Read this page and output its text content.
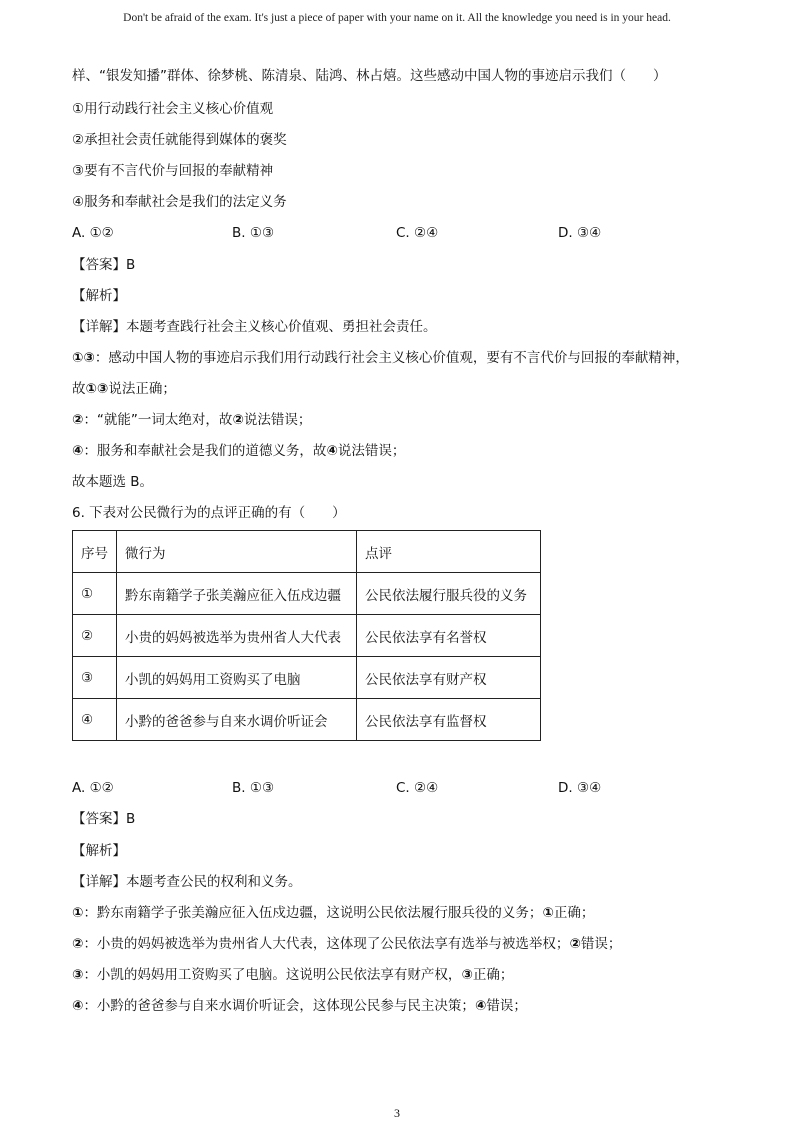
Don't be afraid of the exam. It's just a piece of paper with your name on it. All the knowledge you need is in your head.
样、“银发知播”群体、徐梦桃、陈清泉、陆鸿、林占熺。这些感动中国人物的事迹启示我们（　　）
①用行动践行社会主义核心价值观
②承担社会责任就能得到媒体的褒奖
③要有不言代价与回报的奉献精神
④服务和奉献社会是我们的法定义务
A. ①②	B. ①③	C. ②④	D. ③④
【答案】B
【解析】
【详解】本题考查践行社会主义核心价值观、勇担社会责任。
①③：感动中国人物的事迹启示我们用行动践行社会主义核心价值观，要有不言代价与回报的奉献精神，
故①③说法正确；
②：“就能”一词太绝对，故②说法错误；
④：服务和奉献社会是我们的道德义务，故④说法错误；
故本题选 B。
6. 下表对公民微行为的点评正确的有（　　）
序号	微行为	点评
①	黔东南籍学子张美瀚应征入伍戍边疆	公民依法履行服兵役的义务
②	小贵的妈妈被选举为贵州省人大代表	公民依法享有名誉权
③	小凯的妈妈用工资购买了电脑	公民依法享有财产权
④	小黔的爸爸参与自来水调价听证会	公民依法享有监督权
A. ①②	B. ①③	C. ②④	D. ③④
【答案】B
【解析】
【详解】本题考查公民的权利和义务。
①：黔东南籍学子张美瀚应征入伍戍边疆，这说明公民依法履行服兵役的义务；①正确；
②：小贵的妈妈被选举为贵州省人大代表，这体现了公民依法享有选举与被选举权；②错误；
③：小凯的妈妈用工资购买了电脑。这说明公民依法享有财产权，③正确；
④：小黔的爸爸参与自来水调价听证会，这体现公民参与民主决策；④错误；
3
